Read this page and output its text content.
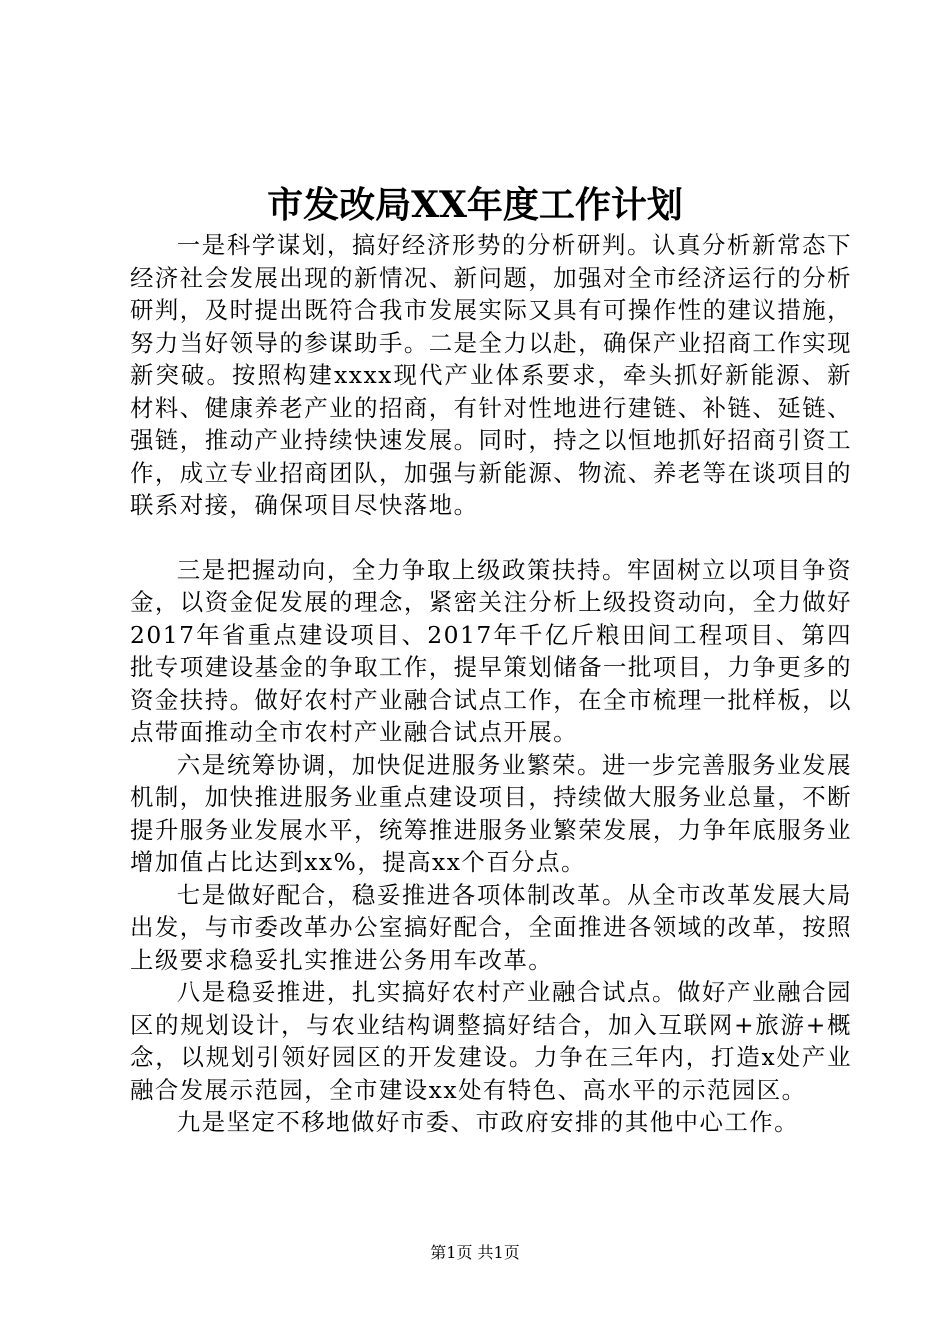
市发改局XX年度工作计划

一是科学谋划，搞好经济形势的分析研判。认真分析新常态下经济社会发展出现的新情况、新问题，加强对全市经济运行的分析研判，及时提出既符合我市发展实际又具有可操作性的建议措施，努力当好领导的参谋助手。二是全力以赴，确保产业招商工作实现新突破。按照构建xxxx现代产业体系要求，牵头抓好新能源、新材料、健康养老产业的招商，有针对性地进行建链、补链、延链、强链，推动产业持续快速发展。同时，持之以恒地抓好招商引资工作，成立专业招商团队，加强与新能源、物流、养老等在谈项目的联系对接，确保项目尽快落地。

三是把握动向，全力争取上级政策扶持。牢固树立以项目争资金，以资金促发展的理念，紧密关注分析上级投资动向，全力做好2017年省重点建设项目、2017年千亿斤粮田间工程项目、第四批专项建设基金的争取工作，提早策划储备一批项目，力争更多的资金扶持。做好农村产业融合试点工作，在全市梳理一批样板，以点带面推动全市农村产业融合试点开展。

六是统筹协调，加快促进服务业繁荣。进一步完善服务业发展机制，加快推进服务业重点建设项目，持续做大服务业总量，不断提升服务业发展水平，统筹推进服务业繁荣发展，力争年底服务业增加值占比达到xx%，提高xx个百分点。

七是做好配合，稳妥推进各项体制改革。从全市改革发展大局出发，与市委改革办公室搞好配合，全面推进各领域的改革，按照上级要求稳妥扎实推进公务用车改革。

八是稳妥推进，扎实搞好农村产业融合试点。做好产业融合园区的规划设计，与农业结构调整搞好结合，加入互联网+旅游+概念，以规划引领好园区的开发建设。力争在三年内，打造x处产业融合发展示范园，全市建设xx处有特色、高水平的示范园区。

九是坚定不移地做好市委、市政府安排的其他中心工作。

第1页 共1页
